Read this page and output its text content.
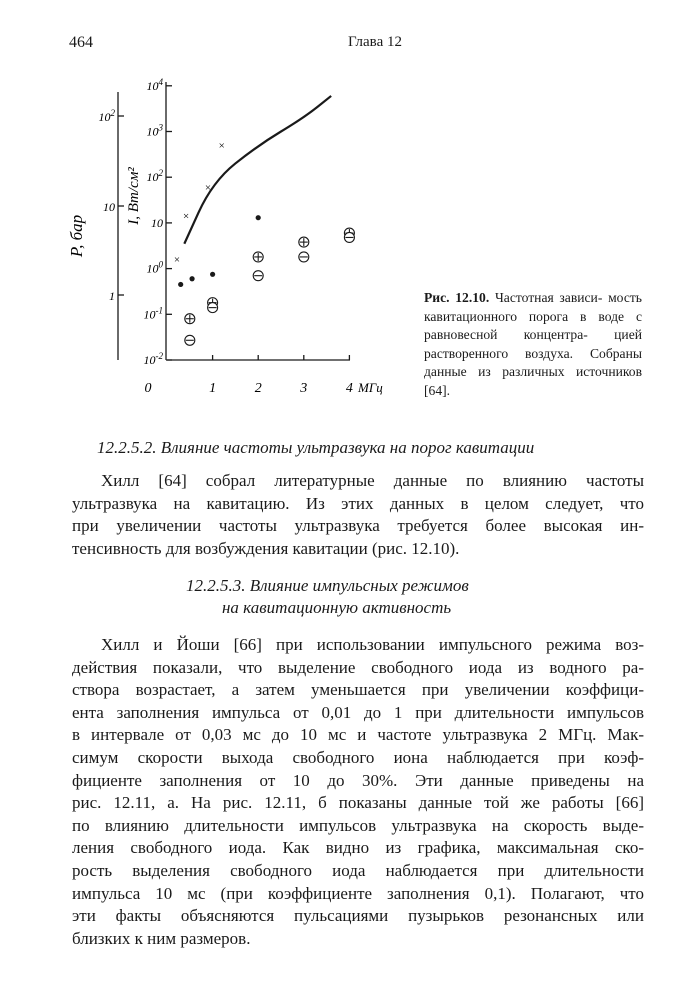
464	Глава 12
$10^{-2}$
$10^{-1}$
$10^0$
10
$10^2$
$10^3$
$10^4$
1
10
$10^2$
0	1	2	3	4 МГц
P, бар
I, Вт/см²
×
×
×
×
Рис. 12.10. Частотная зависи- мость кавитационного порога в воде с равновесной концентра- цией растворенного воздуха. Собраны данные из различных источников [64].
12.2.5.2. Влияние частоты ультразвука на порог кавитации
Хилл [64] собрал литературные данные по влиянию частоты
ультразвука на кавитацию. Из этих данных в целом следует, что
при увеличении частоты ультразвука требуется более высокая ин-
тенсивность для возбуждения кавитации (рис. 12.10).
12.2.5.3. Влияние импульсных режимов
на кавитационную активность
Хилл и Йоши [66] при использовании импульсного режима воз-
действия показали, что выделение свободного иода из водного ра-
створа возрастает, а затем уменьшается при увеличении коэффици-
ента заполнения импульса от 0,01 до 1 при длительности импульсов
в интервале от 0,03 мс до 10 мс и частоте ультразвука 2 МГц. Мак-
симум скорости выхода свободного иона наблюдается при коэф-
фициенте заполнения от 10 до 30%. Эти данные приведены на
рис. 12.11, а. На рис. 12.11, б показаны данные той же работы [66]
по влиянию длительности импульсов ультразвука на скорость выде-
ления свободного иода. Как видно из графика, максимальная ско-
рость выделения свободного иода наблюдается при длительности
импульса 10 мс (при коэффициенте заполнения 0,1). Полагают, что
эти факты объясняются пульсациями пузырьков резонансных или
близких к ним размеров.
